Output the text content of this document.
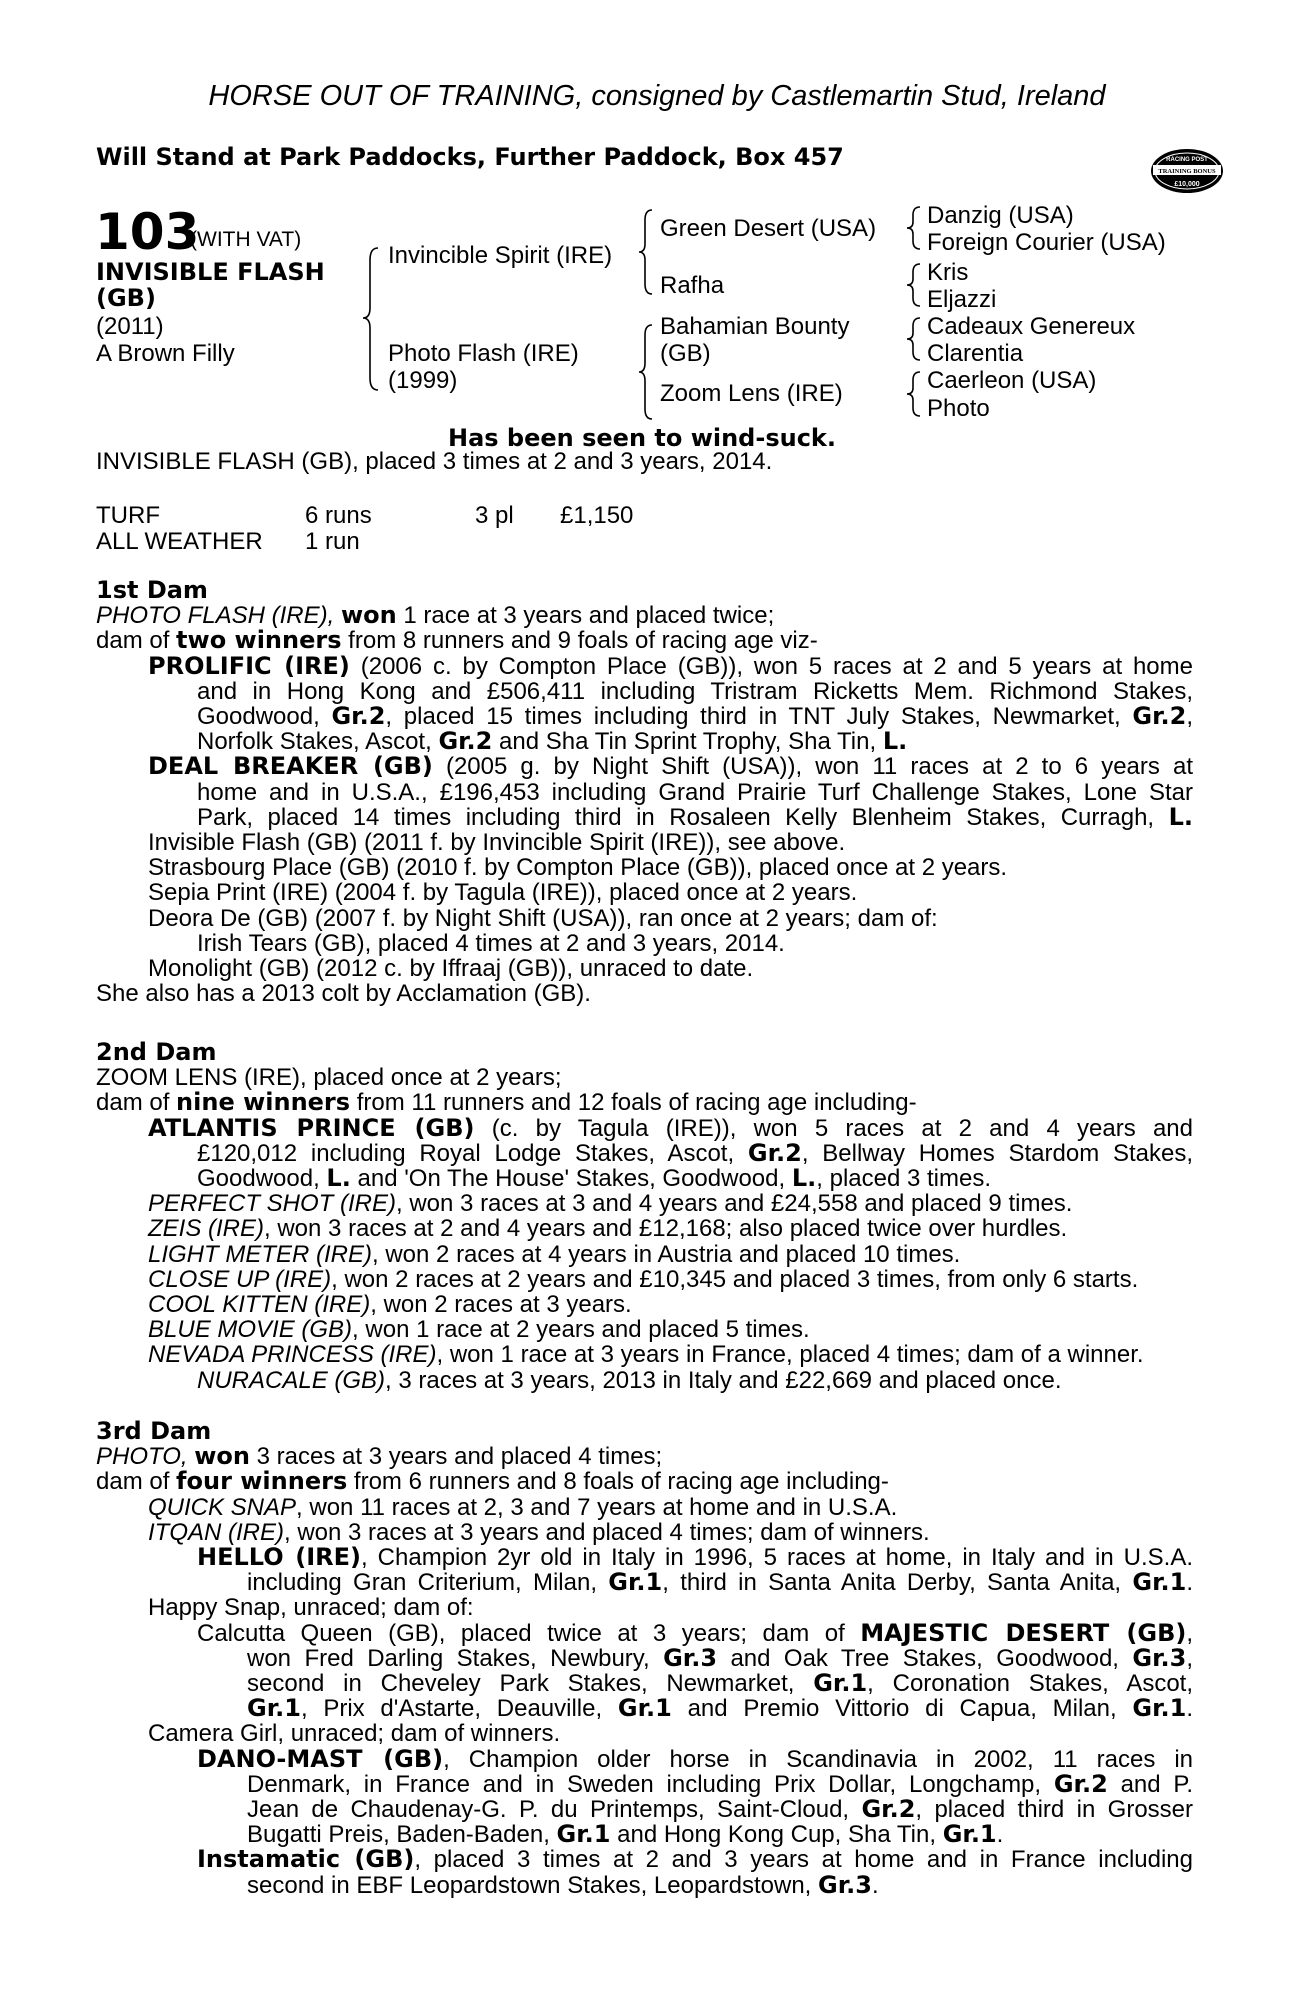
HORSE OUT OF TRAINING, consigned by Castlemartin Stud, Ireland
Will Stand at Park Paddocks, Further Paddock, Box 457	RACING POST
TRAINING BONUS
£10,000
103
(WITH VAT)
INVISIBLE FLASH
(GB)
(2011)
A Brown Filly
Invincible Spirit (IRE)
Photo Flash (IRE)
(1999)
Green Desert (USA)
Rafha
Bahamian Bounty
(GB)
Zoom Lens (IRE)
Danzig (USA)
Foreign Courier (USA)
Kris
Eljazzi
Cadeaux Genereux
Clarentia
Caerleon (USA)
Photo
Has been seen to wind-suck.
INVISIBLE FLASH (GB), placed 3 times at 2 and 3 years, 2014.
TURF	6 runs	3 pl £1,150
ALL WEATHER 1 run
1st Dam
PHOTO FLASH (IRE), won 1 race at 3 years and placed twice;
dam of two winners from 8 runners and 9 foals of racing age viz-
PROLIFIC (IRE) (2006 c. by Compton Place (GB)), won 5 races at 2 and 5 years at home
and in Hong Kong and £506,411 including Tristram Ricketts Mem. Richmond Stakes,
Goodwood, Gr.2, placed 15 times including third in TNT July Stakes, Newmarket, Gr.2,
Norfolk Stakes, Ascot, Gr.2 and Sha Tin Sprint Trophy, Sha Tin, L.
DEAL BREAKER (GB) (2005 g. by Night Shift (USA)), won 11 races at 2 to 6 years at
home and in U.S.A., £196,453 including Grand Prairie Turf Challenge Stakes, Lone Star
Park, placed 14 times including third in Rosaleen Kelly Blenheim Stakes, Curragh, L.
Invisible Flash (GB) (2011 f. by Invincible Spirit (IRE)), see above.
Strasbourg Place (GB) (2010 f. by Compton Place (GB)), placed once at 2 years.
Sepia Print (IRE) (2004 f. by Tagula (IRE)), placed once at 2 years.
Deora De (GB) (2007 f. by Night Shift (USA)), ran once at 2 years; dam of:
Irish Tears (GB), placed 4 times at 2 and 3 years, 2014.
Monolight (GB) (2012 c. by Iffraaj (GB)), unraced to date.
She also has a 2013 colt by Acclamation (GB).
2nd Dam
ZOOM LENS (IRE), placed once at 2 years;
dam of nine winners from 11 runners and 12 foals of racing age including-
ATLANTIS PRINCE (GB) (c. by Tagula (IRE)), won 5 races at 2 and 4 years and
£120,012 including Royal Lodge Stakes, Ascot, Gr.2, Bellway Homes Stardom Stakes,
Goodwood, L. and 'On The House' Stakes, Goodwood, L., placed 3 times.
PERFECT SHOT (IRE), won 3 races at 3 and 4 years and £24,558 and placed 9 times.
ZEIS (IRE), won 3 races at 2 and 4 years and £12,168; also placed twice over hurdles.
LIGHT METER (IRE), won 2 races at 4 years in Austria and placed 10 times.
CLOSE UP (IRE), won 2 races at 2 years and £10,345 and placed 3 times, from only 6 starts.
COOL KITTEN (IRE), won 2 races at 3 years.
BLUE MOVIE (GB), won 1 race at 2 years and placed 5 times.
NEVADA PRINCESS (IRE), won 1 race at 3 years in France, placed 4 times; dam of a winner.
NURACALE (GB), 3 races at 3 years, 2013 in Italy and £22,669 and placed once.
3rd Dam
PHOTO, won 3 races at 3 years and placed 4 times;
dam of four winners from 6 runners and 8 foals of racing age including-
QUICK SNAP, won 11 races at 2, 3 and 7 years at home and in U.S.A.
ITQAN (IRE), won 3 races at 3 years and placed 4 times; dam of winners.
HELLO (IRE), Champion 2yr old in Italy in 1996, 5 races at home, in Italy and in U.S.A.
including Gran Criterium, Milan, Gr.1, third in Santa Anita Derby, Santa Anita, Gr.1.
Happy Snap, unraced; dam of:
Calcutta Queen (GB), placed twice at 3 years; dam of MAJESTIC DESERT (GB),
won Fred Darling Stakes, Newbury, Gr.3 and Oak Tree Stakes, Goodwood, Gr.3,
second in Cheveley Park Stakes, Newmarket, Gr.1, Coronation Stakes, Ascot,
Gr.1, Prix d'Astarte, Deauville, Gr.1 and Premio Vittorio di Capua, Milan, Gr.1.
Camera Girl, unraced; dam of winners.
DANO-MAST (GB), Champion older horse in Scandinavia in 2002, 11 races in
Denmark, in France and in Sweden including Prix Dollar, Longchamp, Gr.2 and P.
Jean de Chaudenay-G. P. du Printemps, Saint-Cloud, Gr.2, placed third in Grosser
Bugatti Preis, Baden-Baden, Gr.1 and Hong Kong Cup, Sha Tin, Gr.1.
Instamatic (GB), placed 3 times at 2 and 3 years at home and in France including
second in EBF Leopardstown Stakes, Leopardstown, Gr.3.
